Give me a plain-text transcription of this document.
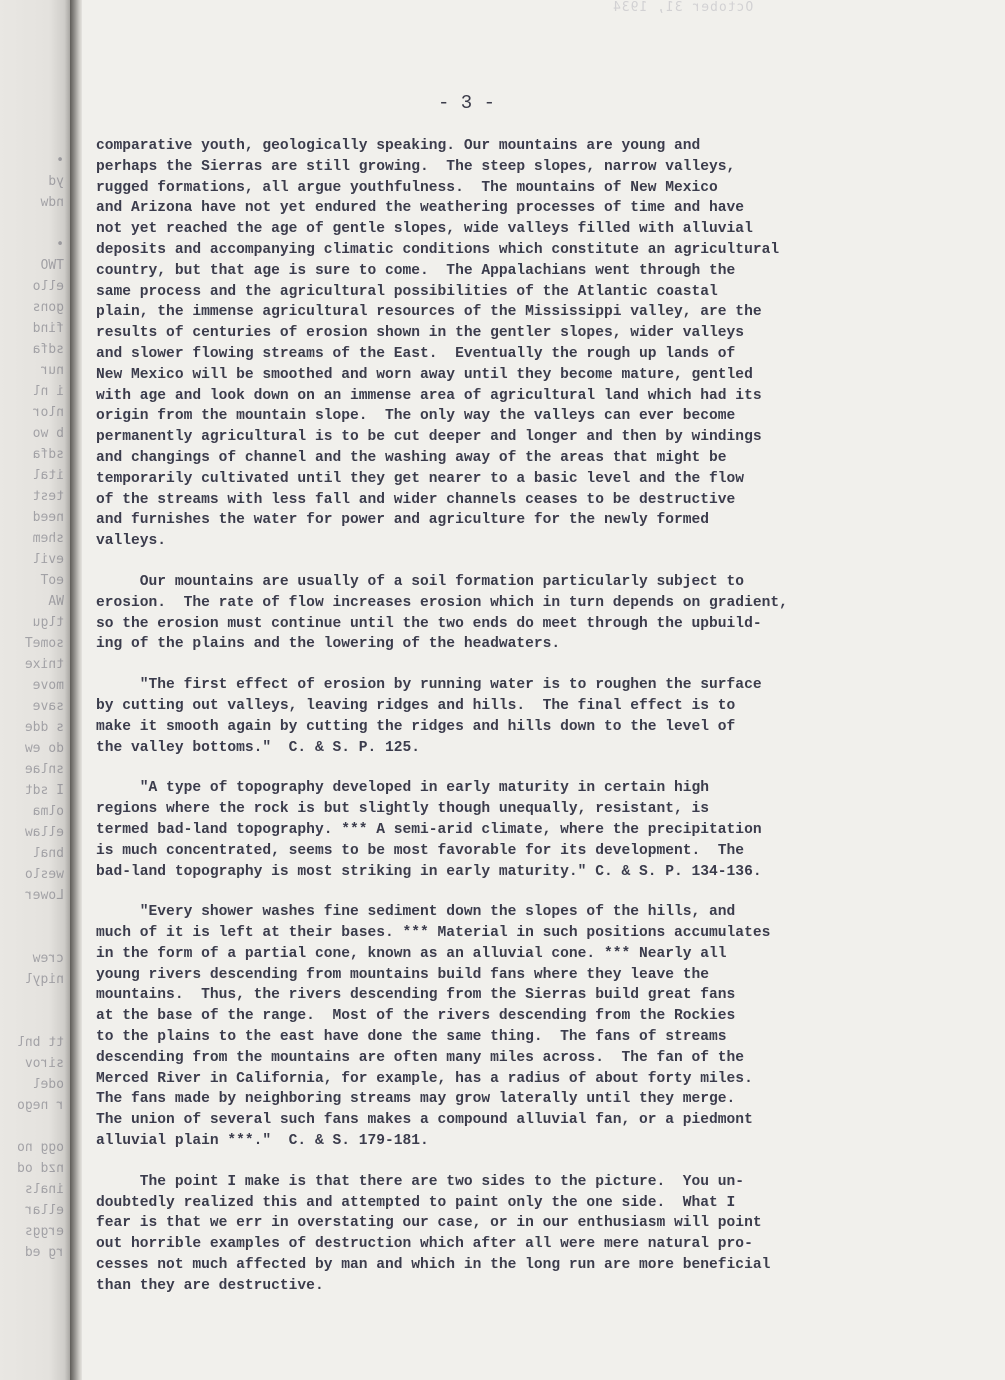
•
yd
ndw

•
TWO
ello
gons
find
sdfa
nur
i nl
nlor
b wo
sdfa
ital
test
need
shem
evil
eoT
WA
tlgu
someT
tnixe
move
save
s dde
do ew
snlae
I sdt
olma
ellaw
bnal
weslo
Lower

crew
niqyl

tt bnl
sirov
odel
r nego

ogg no
nzd od
inals
ellar
erggs
rg ed
October 31, 1934
- 3 -
comparative youth, geologically speaking. Our mountains are young and
perhaps the Sierras are still growing.  The steep slopes, narrow valleys,
rugged formations, all argue youthfulness.  The mountains of New Mexico
and Arizona have not yet endured the weathering processes of time and have
not yet reached the age of gentle slopes, wide valleys filled with alluvial
deposits and accompanying climatic conditions which constitute an agricultural
country, but that age is sure to come.  The Appalachians went through the
same process and the agricultural possibilities of the Atlantic coastal
plain, the immense agricultural resources of the Mississippi valley, are the
results of centuries of erosion shown in the gentler slopes, wider valleys
and slower flowing streams of the East.  Eventually the rough up lands of
New Mexico will be smoothed and worn away until they become mature, gentled
with age and look down on an immense area of agricultural land which had its
origin from the mountain slope.  The only way the valleys can ever become
permanently agricultural is to be cut deeper and longer and then by windings
and changings of channel and the washing away of the areas that might be
temporarily cultivated until they get nearer to a basic level and the flow
of the streams with less fall and wider channels ceases to be destructive
and furnishes the water for power and agriculture for the newly formed
valleys.
Our mountains are usually of a soil formation particularly subject to
erosion.  The rate of flow increases erosion which in turn depends on gradient,
so the erosion must continue until the two ends do meet through the upbuild-
ing of the plains and the lowering of the headwaters.
"The first effect of erosion by running water is to roughen the surface
by cutting out valleys, leaving ridges and hills.  The final effect is to
make it smooth again by cutting the ridges and hills down to the level of
the valley bottoms."  C. & S. P. 125.
"A type of topography developed in early maturity in certain high
regions where the rock is but slightly though unequally, resistant, is
termed bad-land topography. *** A semi-arid climate, where the precipitation
is much concentrated, seems to be most favorable for its development.  The
bad-land topography is most striking in early maturity." C. & S. P. 134-136.
"Every shower washes fine sediment down the slopes of the hills, and
much of it is left at their bases. *** Material in such positions accumulates
in the form of a partial cone, known as an alluvial cone. *** Nearly all
young rivers descending from mountains build fans where they leave the
mountains.  Thus, the rivers descending from the Sierras build great fans
at the base of the range.  Most of the rivers descending from the Rockies
to the plains to the east have done the same thing.  The fans of streams
descending from the mountains are often many miles across.  The fan of the
Merced River in California, for example, has a radius of about forty miles.
The fans made by neighboring streams may grow laterally until they merge.
The union of several such fans makes a compound alluvial fan, or a piedmont
alluvial plain ***."  C. & S. 179-181.
The point I make is that there are two sides to the picture.  You un-
doubtedly realized this and attempted to paint only the one side.  What I
fear is that we err in overstating our case, or in our enthusiasm will point
out horrible examples of destruction which after all were mere natural pro-
cesses not much affected by man and which in the long run are more beneficial
than they are destructive.
